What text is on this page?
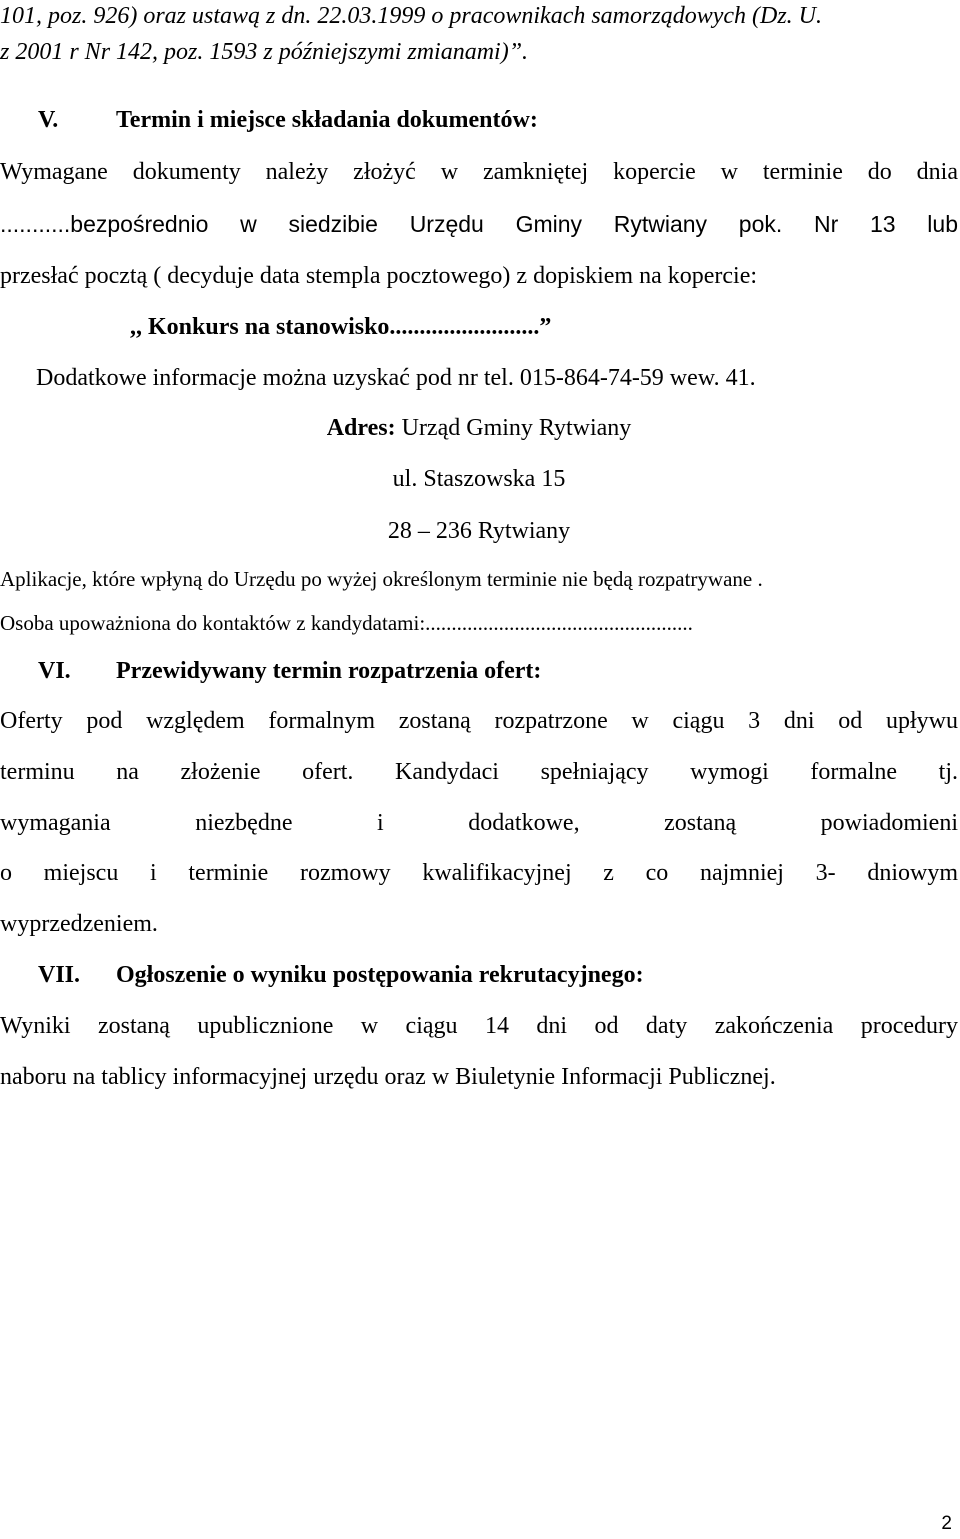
101, poz. 926) oraz ustawą z dn. 22.03.1999 o pracownikach samorządowych (Dz. U.
z 2001 r Nr 142, poz. 1593 z późniejszymi zmianami)”.
V. Termin i miejsce składania dokumentów:
Wymagane dokumenty należy złożyć w zamkniętej kopercie w terminie do dnia
...........bezpośrednio w siedzibie Urzędu Gminy Rytwiany pok. Nr 13 lub
przesłać pocztą ( decyduje data stempla pocztowego) z dopiskiem na kopercie:
,, Konkurs na stanowisko.........................”
Dodatkowe informacje można uzyskać pod nr tel. 015-864-74-59 wew. 41.
Adres: Urząd Gminy Rytwiany
ul. Staszowska 15
28 – 236 Rytwiany
Aplikacje, które wpłyną do Urzędu po wyżej określonym terminie nie będą rozpatrywane .
Osoba upoważniona do kontaktów z kandydatami:...................................................
VI. Przewidywany termin rozpatrzenia ofert:
Oferty pod względem formalnym zostaną rozpatrzone w ciągu 3 dni od upływu
terminu na złożenie ofert. Kandydaci spełniający wymogi formalne tj.
wymagania	niezbędne	i	dodatkowe,	zostaną	powiadomieni
o miejscu i terminie rozmowy kwalifikacyjnej z co najmniej 3- dniowym
wyprzedzeniem.
VII. Ogłoszenie o wyniku postępowania rekrutacyjnego:
Wyniki zostaną upublicznione w ciągu 14 dni od daty zakończenia procedury
naboru na tablicy informacyjnej urzędu oraz w Biuletynie Informacji Publicznej.
2
